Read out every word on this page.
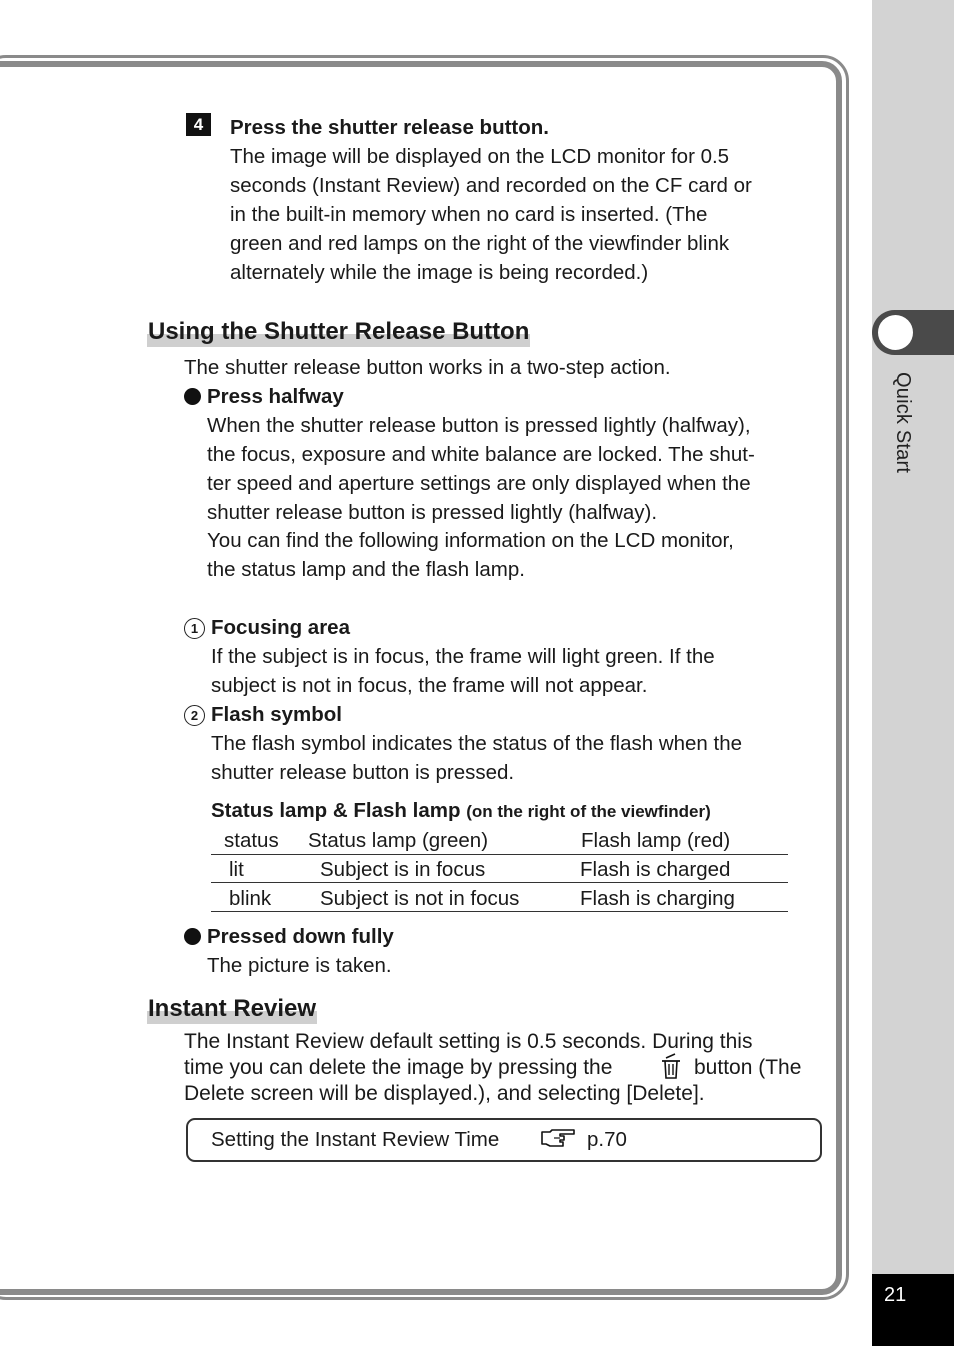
Quick Start
21
4	Press the shutter release button.
The image will be displayed on the LCD monitor for 0.5
seconds (Instant Review) and recorded on the CF card or
in the built-in memory when no card is inserted. (The
green and red lamps on the right of the viewfinder blink
alternately while the image is being recorded.)
Using the Shutter Release Button
The shutter release button works in a two-step action.
Press halfway
When the shutter release button is pressed lightly (halfway),
the focus, exposure and white balance are locked. The shut-
ter speed and aperture settings are only displayed when the
shutter release button is pressed lightly (halfway).
You can find the following information on the LCD monitor,
the status lamp and the flash lamp.
1 Focusing area
If the subject is in focus, the frame will light green. If the
subject is not in focus, the frame will not appear.
2 Flash symbol
The flash symbol indicates the status of the flash when the
shutter release button is pressed.
Status lamp & Flash lamp (on the right of the viewfinder)
status Status lamp (green)	Flash lamp (red)
lit	Subject is in focus	Flash is charged
blink Subject is not in focus	Flash is charging
Pressed down fully
The picture is taken.
Instant Review
The Instant Review default setting is 0.5 seconds. During this
time you can delete the image by pressing the	button (The
Delete screen will be displayed.), and selecting [Delete].
Setting the Instant Review Time	p.70
